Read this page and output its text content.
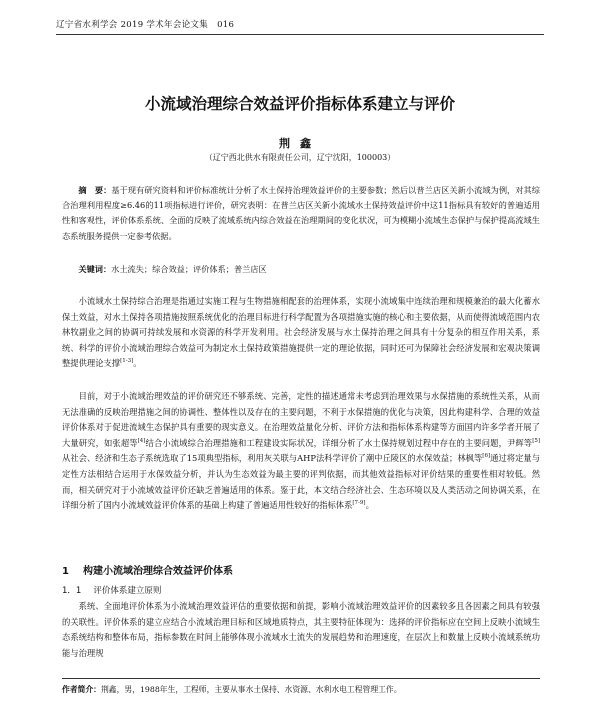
辽宁省水利学会 2019 学术年会论文集 016
小流域治理综合效益评价指标体系建立与评价
荆鑫
（辽宁西北供水有限责任公司，辽宁沈阳，100003）
摘　要：基于现有研究资料和评价标准统计分析了水土保持治理效益评价的主要参数；然后以普兰店区关新小流域为例，对其综合治理利用程度≥6.46的11项指标进行评价，研究表明：在普兰店区关新小流域水土保持效益评价中这11指标具有较好的普遍适用性和客观性，评价体系系统、全面的反映了流域系统内综合效益在治理期间的变化状况，可为模糊小流域生态保护与保护提高流域生态系统服务提供一定参考依据。
关键词：水土流失；综合效益；评价体系；普兰店区
小流域水土保持综合治理是指通过实施工程与生物措施相配套的治理体系，实现小流域集中连续治理和规模兼治的最大化蓄水保土效益，对水土保持各项措施按照系统优化的治理目标进行科学配置为各项措施实施的核心和主要依据，从而使得流域范围内农林牧副业之间的协调可持续发展和水资源的科学开发利用。社会经济发展与水土保持治理之间具有十分复杂的相互作用关系，系统、科学的评价小流域治理综合效益可为制定水土保持政策措施提供一定的理论依据，同时还可为保障社会经济发展和宏观决策调整提供理论支撑[1-3]。
目前，对于小流域治理效益的评价研究还不够系统、完善，定性的描述通常未考虑到治理效果与水保措施的系统性关系，从而无法准确的反映治理措施之间的协调性、整体性以及存在的主要问题，不利于水保措施的优化与决策，因此构建科学、合理的效益评价体系对于促进流域生态保护具有重要的现实意义。在治理效益量化分析、评价方法和指标体系构建等方面国内许多学者开展了大量研究，如张超等[4]结合小流域综合治理措施和工程建设实际状况，详细分析了水土保持规划过程中存在的主要问题，尹辉等[5]从社会、经济和生态子系统选取了15项典型指标，利用灰关联与AHP法科学评价了潮中丘陵区的水保效益；林枫等[6]通过将定量与定性方法相结合运用于水保效益分析，并认为生态效益为最主要的评判依据，而其他效益指标对评价结果的重要性相对较低。然而，相关研究对于小流域效益评价还缺乏普遍适用的体系。鉴于此，本文结合经济社会、生态环境以及人类活动之间协调关系，在详细分析了国内小流域效益评价体系的基础上构建了普遍适用性较好的指标体系[7-9]。
1 构建小流域治理综合效益评价体系
1．1 评价体系建立原则
系统、全面地评价体系为小流域治理效益评估的重要依据和前提，影响小流域治理效益评价的因素较多且各因素之间具有较强的关联性。评价体系的建立应结合小流域治理目标和区域地质特点，其主要特征体现为：选择的评价指标应在空间上反映小流域生态系统结构和整体布局，指标参数在时间上能够体现小流域水土流失的发展趋势和治理速度，在层次上和数量上反映小流域系统功能与治理规
作者简介：荆鑫，男，1988年生，工程师，主要从事水土保持、水资源、水利水电工程管理工作。
